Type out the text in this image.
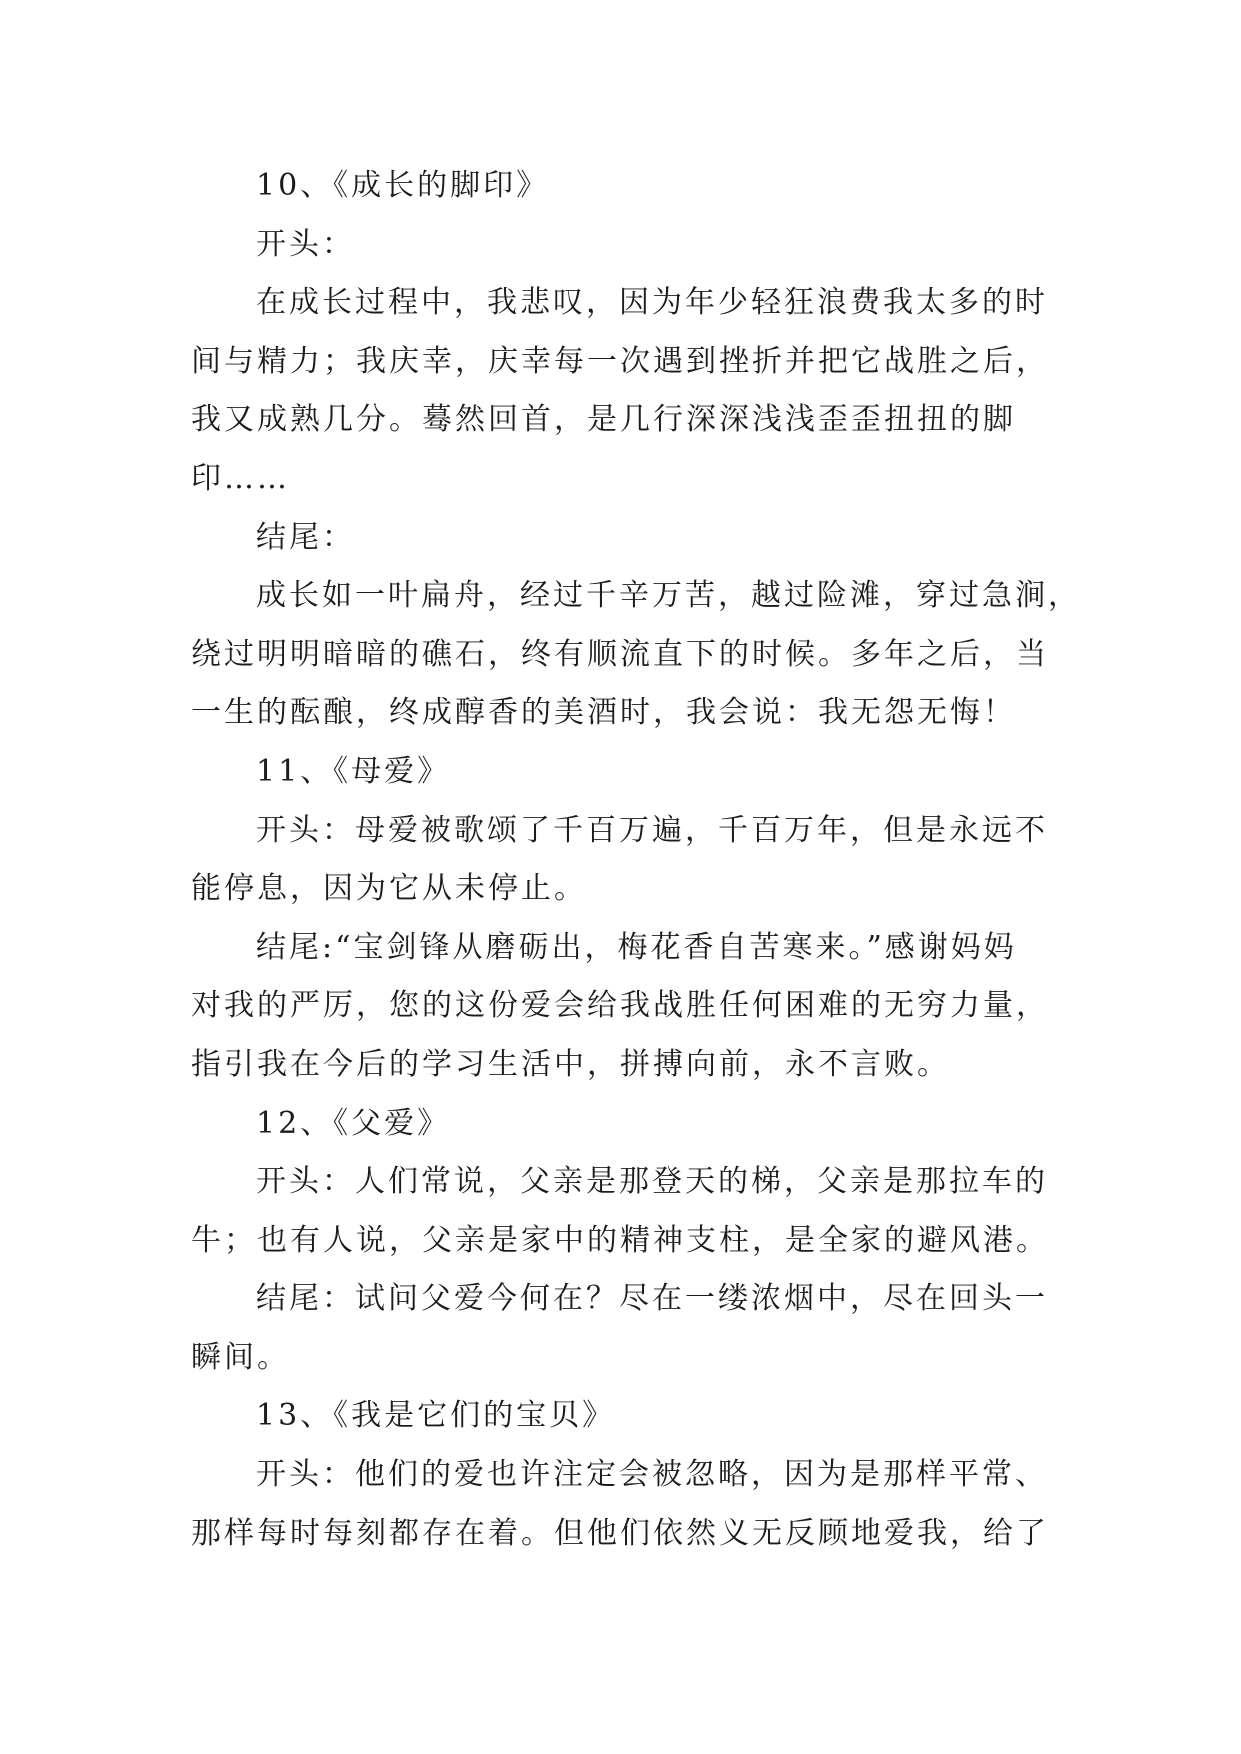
10、《成长的脚印》
开头：
在成长过程中，我悲叹，因为年少轻狂浪费我太多的时
间与精力；我庆幸，庆幸每一次遇到挫折并把它战胜之后，
我又成熟几分。蓦然回首，是几行深深浅浅歪歪扭扭的脚
印……
结尾：
成长如一叶扁舟，经过千辛万苦，越过险滩，穿过急涧，
绕过明明暗暗的礁石，终有顺流直下的时候。多年之后，当
一生的酝酿，终成醇香的美酒时，我会说：我无怨无悔！
11、《母爱》
开头：母爱被歌颂了千百万遍，千百万年，但是永远不
能停息，因为它从未停止。
结尾:“宝剑锋从磨砺出，梅花香自苦寒来。”感谢妈妈
对我的严厉，您的这份爱会给我战胜任何困难的无穷力量，
指引我在今后的学习生活中，拼搏向前，永不言败。
12、《父爱》
开头：人们常说，父亲是那登天的梯，父亲是那拉车的
牛；也有人说，父亲是家中的精神支柱，是全家的避风港。
结尾：试问父爱今何在？尽在一缕浓烟中，尽在回头一
瞬间。
13、《我是它们的宝贝》
开头：他们的爱也许注定会被忽略，因为是那样平常、
那样每时每刻都存在着。但他们依然义无反顾地爱我，给了
